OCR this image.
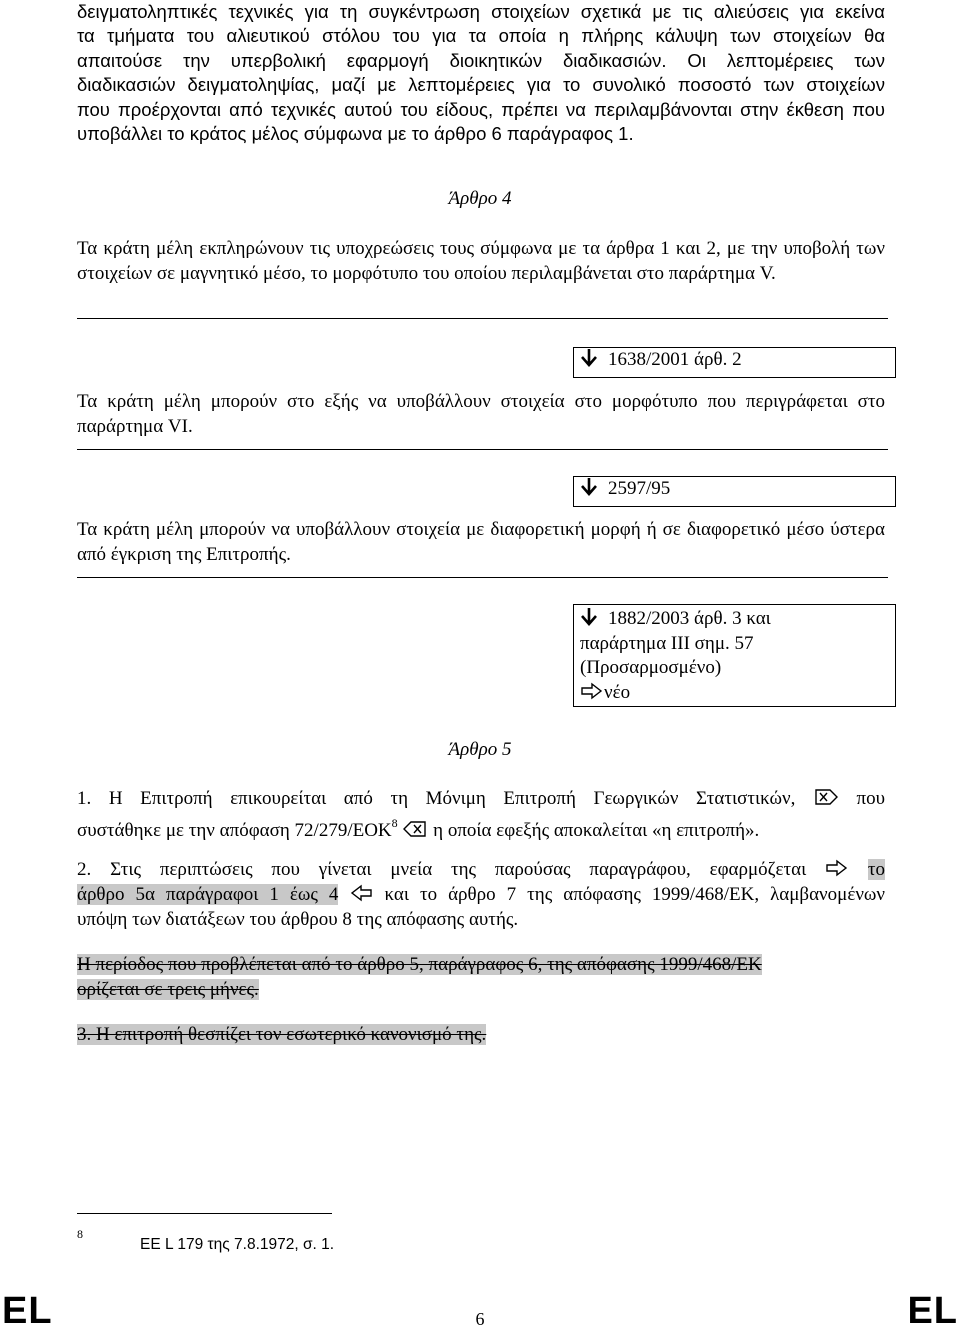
δειγματοληπτικές τεχνικές για τη συγκέντρωση στοιχείων σχετικά με τις αλιεύσεις για εκείνα
τα τμήματα του αλιευτικού στόλου του για τα οποία η πλήρης κάλυψη των στοιχείων θα
απαιτούσε την υπερβολική εφαρμογή διοικητικών διαδικασιών. Οι λεπτομέρειες των
διαδικασιών δειγματοληψίας, μαζί με λεπτομέρειες για το συνολικό ποσοστό των στοιχείων
που προέρχονται από τεχνικές αυτού του είδους, πρέπει να περιλαμβάνονται στην έκθεση που
υποβάλλει το κράτος μέλος σύμφωνα με το άρθρο 6 παράγραφος 1.
Άρθρο 4

Τα κράτη μέλη εκπληρώνουν τις υποχρεώσεις τους σύμφωνα με τα άρθρα 1 και 2, με την υποβολή των στοιχείων σε μαγνητικό μέσο, το μορφότυπο του οποίου περιλαμβάνεται στο παράρτημα V.

1638/2001 άρθ. 2

Τα κράτη μέλη μπορούν στο εξής να υποβάλλουν στοιχεία στο μορφότυπο που περιγράφεται στο παράρτημα VI.

2597/95

Τα κράτη μέλη μπορούν να υποβάλλουν στοιχεία με διαφορετική μορφή ή σε διαφορετικό μέσο ύστερα από έγκριση της Επιτροπής.

1882/2003 άρθ. 3 και
παράρτημα ΙΙΙ σημ. 57
(Προσαρμοσμένο)
νέο
Άρθρο 5
1. Η Επιτροπή επικουρείται από τη Μόνιμη Επιτροπή Γεωργικών Στατιστικών,	που
συστάθηκε με την απόφαση 72/279/ΕΟΚ$^8$ η οποία εφεξής αποκαλείται «η επιτροπή».
2. Στις περιπτώσεις που γίνεται μνεία της παρούσας παραγράφου, εφαρμόζεται	το
άρθρο 5α παράγραφοι 1 έως 4 και το άρθρο 7 της απόφασης 1999/468/ΕΚ, λαμβανομένων
υπόψη των διατάξεων του άρθρου 8 της απόφασης αυτής.
Η περίοδος που προβλέπεται από το άρθρο 5, παράγραφος 6, της απόφασης 1999/468/ΕΚ
ορίζεται σε τρεις μήνες.
3. Η επιτροπή θεσπίζει τον εσωτερικό κανονισμό της.
8
ΕΕ L 179 της 7.8.1972, σ. 1.
EL	6	EL
